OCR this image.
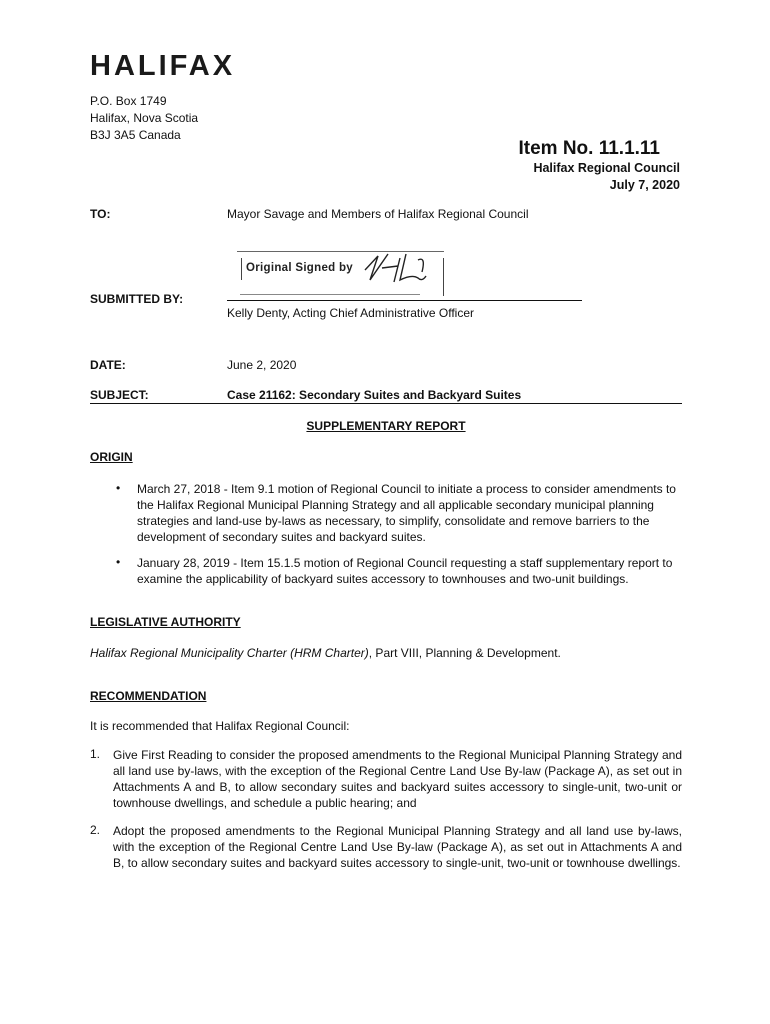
HALIFAX
P.O. Box 1749
Halifax, Nova Scotia
B3J 3A5 Canada
Item No. 11.1.11
Halifax Regional Council
July 7, 2020
TO:	Mayor Savage and Members of Halifax Regional Council
Original Signed by
SUBMITTED BY:
Kelly Denty, Acting Chief Administrative Officer
DATE:	June 2, 2020
SUBJECT:	Case 21162: Secondary Suites and Backyard Suites
SUPPLEMENTARY REPORT
ORIGIN
• March 27, 2018 - Item 9.1 motion of Regional Council to initiate a process to consider amendments to the Halifax Regional Municipal Planning Strategy and all applicable secondary municipal planning strategies and land-use by-laws as necessary, to simplify, consolidate and remove barriers to the development of secondary suites and backyard suites.
• January 28, 2019 - Item 15.1.5 motion of Regional Council requesting a staff supplementary report to examine the applicability of backyard suites accessory to townhouses and two-unit buildings.
LEGISLATIVE AUTHORITY
Halifax Regional Municipality Charter (HRM Charter), Part VIII, Planning & Development.
RECOMMENDATION
It is recommended that Halifax Regional Council:
1. Give First Reading to consider the proposed amendments to the Regional Municipal Planning Strategy and all land use by-laws, with the exception of the Regional Centre Land Use By-law (Package A), as set out in Attachments A and B, to allow secondary suites and backyard suites accessory to single-unit, two-unit or townhouse dwellings, and schedule a public hearing; and
2. Adopt the proposed amendments to the Regional Municipal Planning Strategy and all land use by-laws, with the exception of the Regional Centre Land Use By-law (Package A), as set out in Attachments A and B, to allow secondary suites and backyard suites accessory to single-unit, two-unit or townhouse dwellings.
